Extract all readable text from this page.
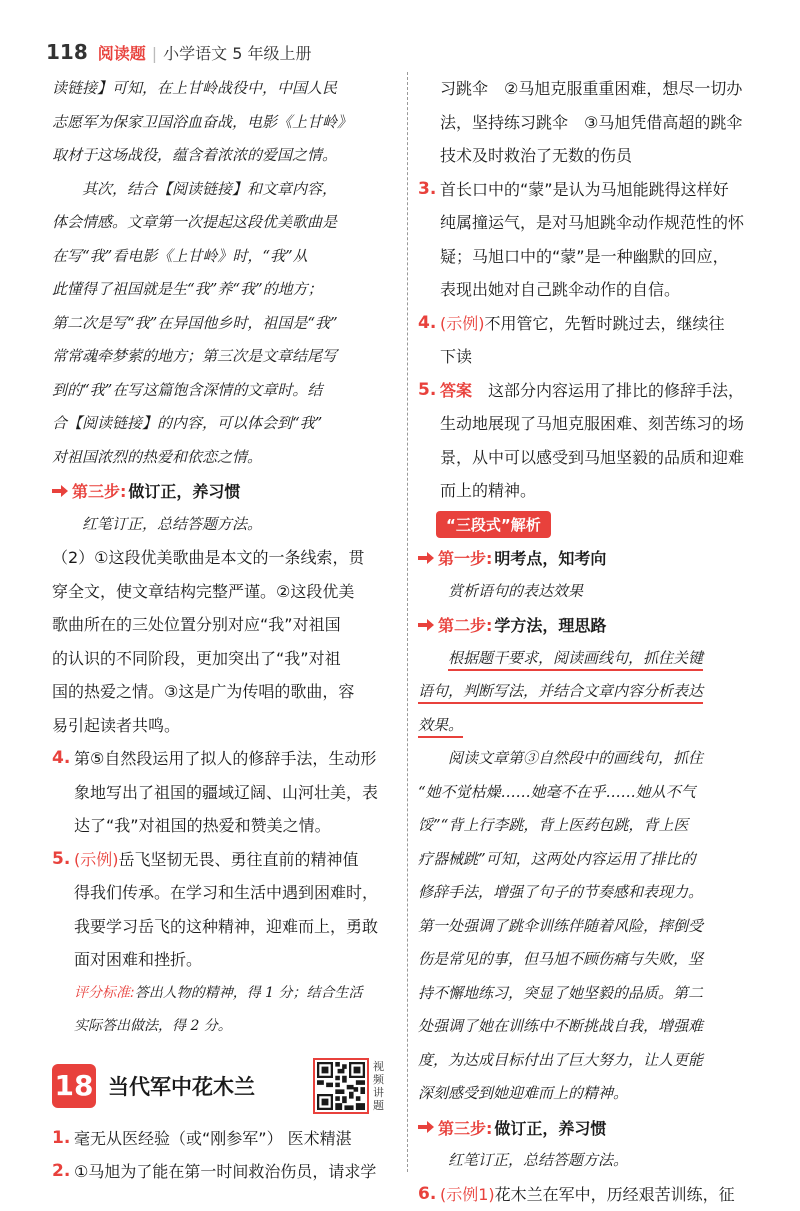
118 阅读题 | 小学语文 5 年级上册

读链接】可知，在上甘岭战役中，中国人民

志愿军为保家卫国浴血奋战，电影《上甘岭》

取材于这场战役，蕴含着浓浓的爱国之情。

其次，结合【阅读链接】和文章内容，

体会情感。文章第一次提起这段优美歌曲是

在写“我”看电影《上甘岭》时，“我”从

此懂得了祖国就是生“我”养“我”的地方；

第二次是写“我”在异国他乡时，祖国是“我”

常常魂牵梦萦的地方；第三次是文章结尾写

到的“我”在写这篇饱含深情的文章时。结

合【阅读链接】的内容，可以体会到“我”

对祖国浓烈的热爱和依恋之情。

第三步: 做订正，养习惯

红笔订正，总结答题方法。

（2）①这段优美歌曲是本文的一条线索，贯

穿全文，使文章结构完整严谨。②这段优美

歌曲所在的三处位置分别对应“我”对祖国

的认识的不同阶段，更加突出了“我”对祖

国的热爱之情。③这是广为传唱的歌曲，容

易引起读者共鸣。

4. 第⑤自然段运用了拟人的修辞手法，生动形

象地写出了祖国的疆域辽阔、山河壮美，表

达了“我”对祖国的热爱和赞美之情。

5. (示例)岳飞坚韧无畏、勇往直前的精神值

得我们传承。在学习和生活中遇到困难时，

我要学习岳飞的这种精神，迎难而上，勇敢

面对困难和挫折。

评分标准:答出人物的精神，得 1 分；结合生活

实际答出做法，得 2 分。

18 当代军中花木兰
视频讲题
1. 毫无从医经验（或“刚参军”） 医术精湛

2. ①马旭为了能在第一时间救治伤员，请求学

习跳伞　②马旭克服重重困难，想尽一切办

法，坚持练习跳伞　③马旭凭借高超的跳伞

技术及时救治了无数的伤员

3. 首长口中的“蒙”是认为马旭能跳得这样好

纯属撞运气，是对马旭跳伞动作规范性的怀

疑；马旭口中的“蒙”是一种幽默的回应，

表现出她对自己跳伞动作的自信。

4. (示例)不用管它，先暂时跳过去，继续往

下读

5. 答案　 这部分内容运用了排比的修辞手法，

生动地展现了马旭克服困难、刻苦练习的场

景，从中可以感受到马旭坚毅的品质和迎难

而上的精神。

“三段式”解析
第一步: 明考点，知考向

赏析语句的表达效果

第二步: 学方法，理思路

根据题干要求，阅读画线句，抓住关键

语句，判断写法，并结合文章内容分析表达

效果。

阅读文章第③自然段中的画线句，抓住

“她不觉枯燥……她毫不在乎……她从不气

馁”“背上行李跳，背上医药包跳，背上医

疗器械跳”可知，这两处内容运用了排比的

修辞手法，增强了句子的节奏感和表现力。

第一处强调了跳伞训练伴随着风险，摔倒受

伤是常见的事，但马旭不顾伤痛与失败，坚

持不懈地练习，突显了她坚毅的品质。第二

处强调了她在训练中不断挑战自我，增强难

度，为达成目标付出了巨大努力，让人更能

深刻感受到她迎难而上的精神。

第三步: 做订正，养习惯

红笔订正，总结答题方法。

6. (示例1)花木兰在军中，历经艰苦训练，征
